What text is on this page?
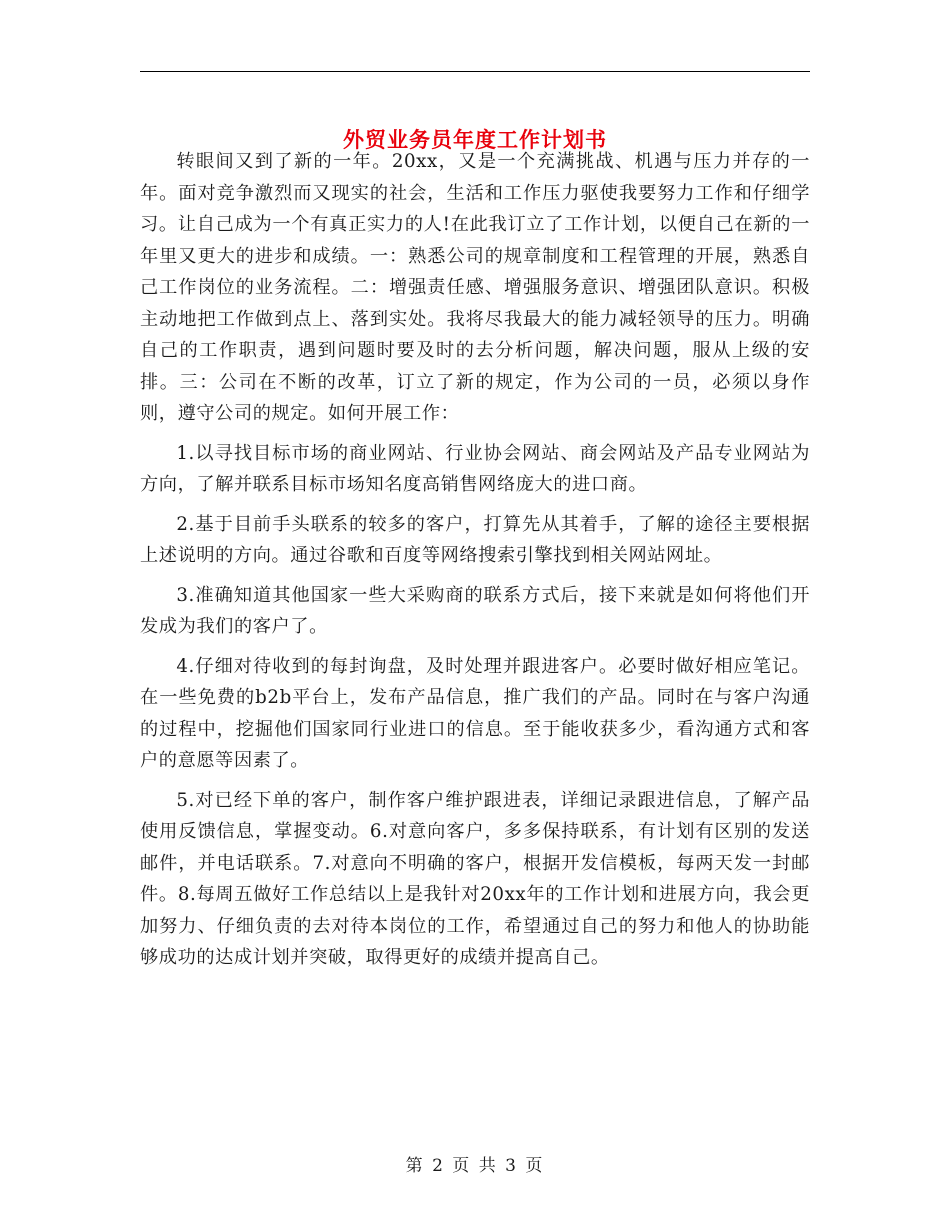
外贸业务员年度工作计划书

转眼间又到了新的一年。20xx，又是一个充满挑战、机遇与压力并存的一年。面对竞争激烈而又现实的社会，生活和工作压力驱使我要努力工作和仔细学习。让自己成为一个有真正实力的人!在此我订立了工作计划，以便自己在新的一年里又更大的进步和成绩。一：熟悉公司的规章制度和工程管理的开展，熟悉自己工作岗位的业务流程。二：增强责任感、增强服务意识、增强团队意识。积极主动地把工作做到点上、落到实处。我将尽我最大的能力减轻领导的压力。明确自己的工作职责，遇到问题时要及时的去分析问题，解决问题，服从上级的安排。三：公司在不断的改革，订立了新的规定，作为公司的一员，必须以身作则，遵守公司的规定。如何开展工作：

1.以寻找目标市场的商业网站、行业协会网站、商会网站及产品专业网站为方向，了解并联系目标市场知名度高销售网络庞大的进口商。

2.基于目前手头联系的较多的客户，打算先从其着手，了解的途径主要根据上述说明的方向。通过谷歌和百度等网络搜索引擎找到相关网站网址。

3.准确知道其他国家一些大采购商的联系方式后，接下来就是如何将他们开发成为我们的客户了。

4.仔细对待收到的每封询盘，及时处理并跟进客户。必要时做好相应笔记。在一些免费的b2b平台上，发布产品信息，推广我们的产品。同时在与客户沟通的过程中，挖掘他们国家同行业进口的信息。至于能收获多少，看沟通方式和客户的意愿等因素了。

5.对已经下单的客户，制作客户维护跟进表，详细记录跟进信息，了解产品使用反馈信息，掌握变动。6.对意向客户，多多保持联系，有计划有区别的发送邮件，并电话联系。7.对意向不明确的客户，根据开发信模板，每两天发一封邮件。8.每周五做好工作总结以上是我针对20xx年的工作计划和进展方向，我会更加努力、仔细负责的去对待本岗位的工作，希望通过自己的努力和他人的协助能够成功的达成计划并突破，取得更好的成绩并提高自己。

第 2 页 共 3 页
